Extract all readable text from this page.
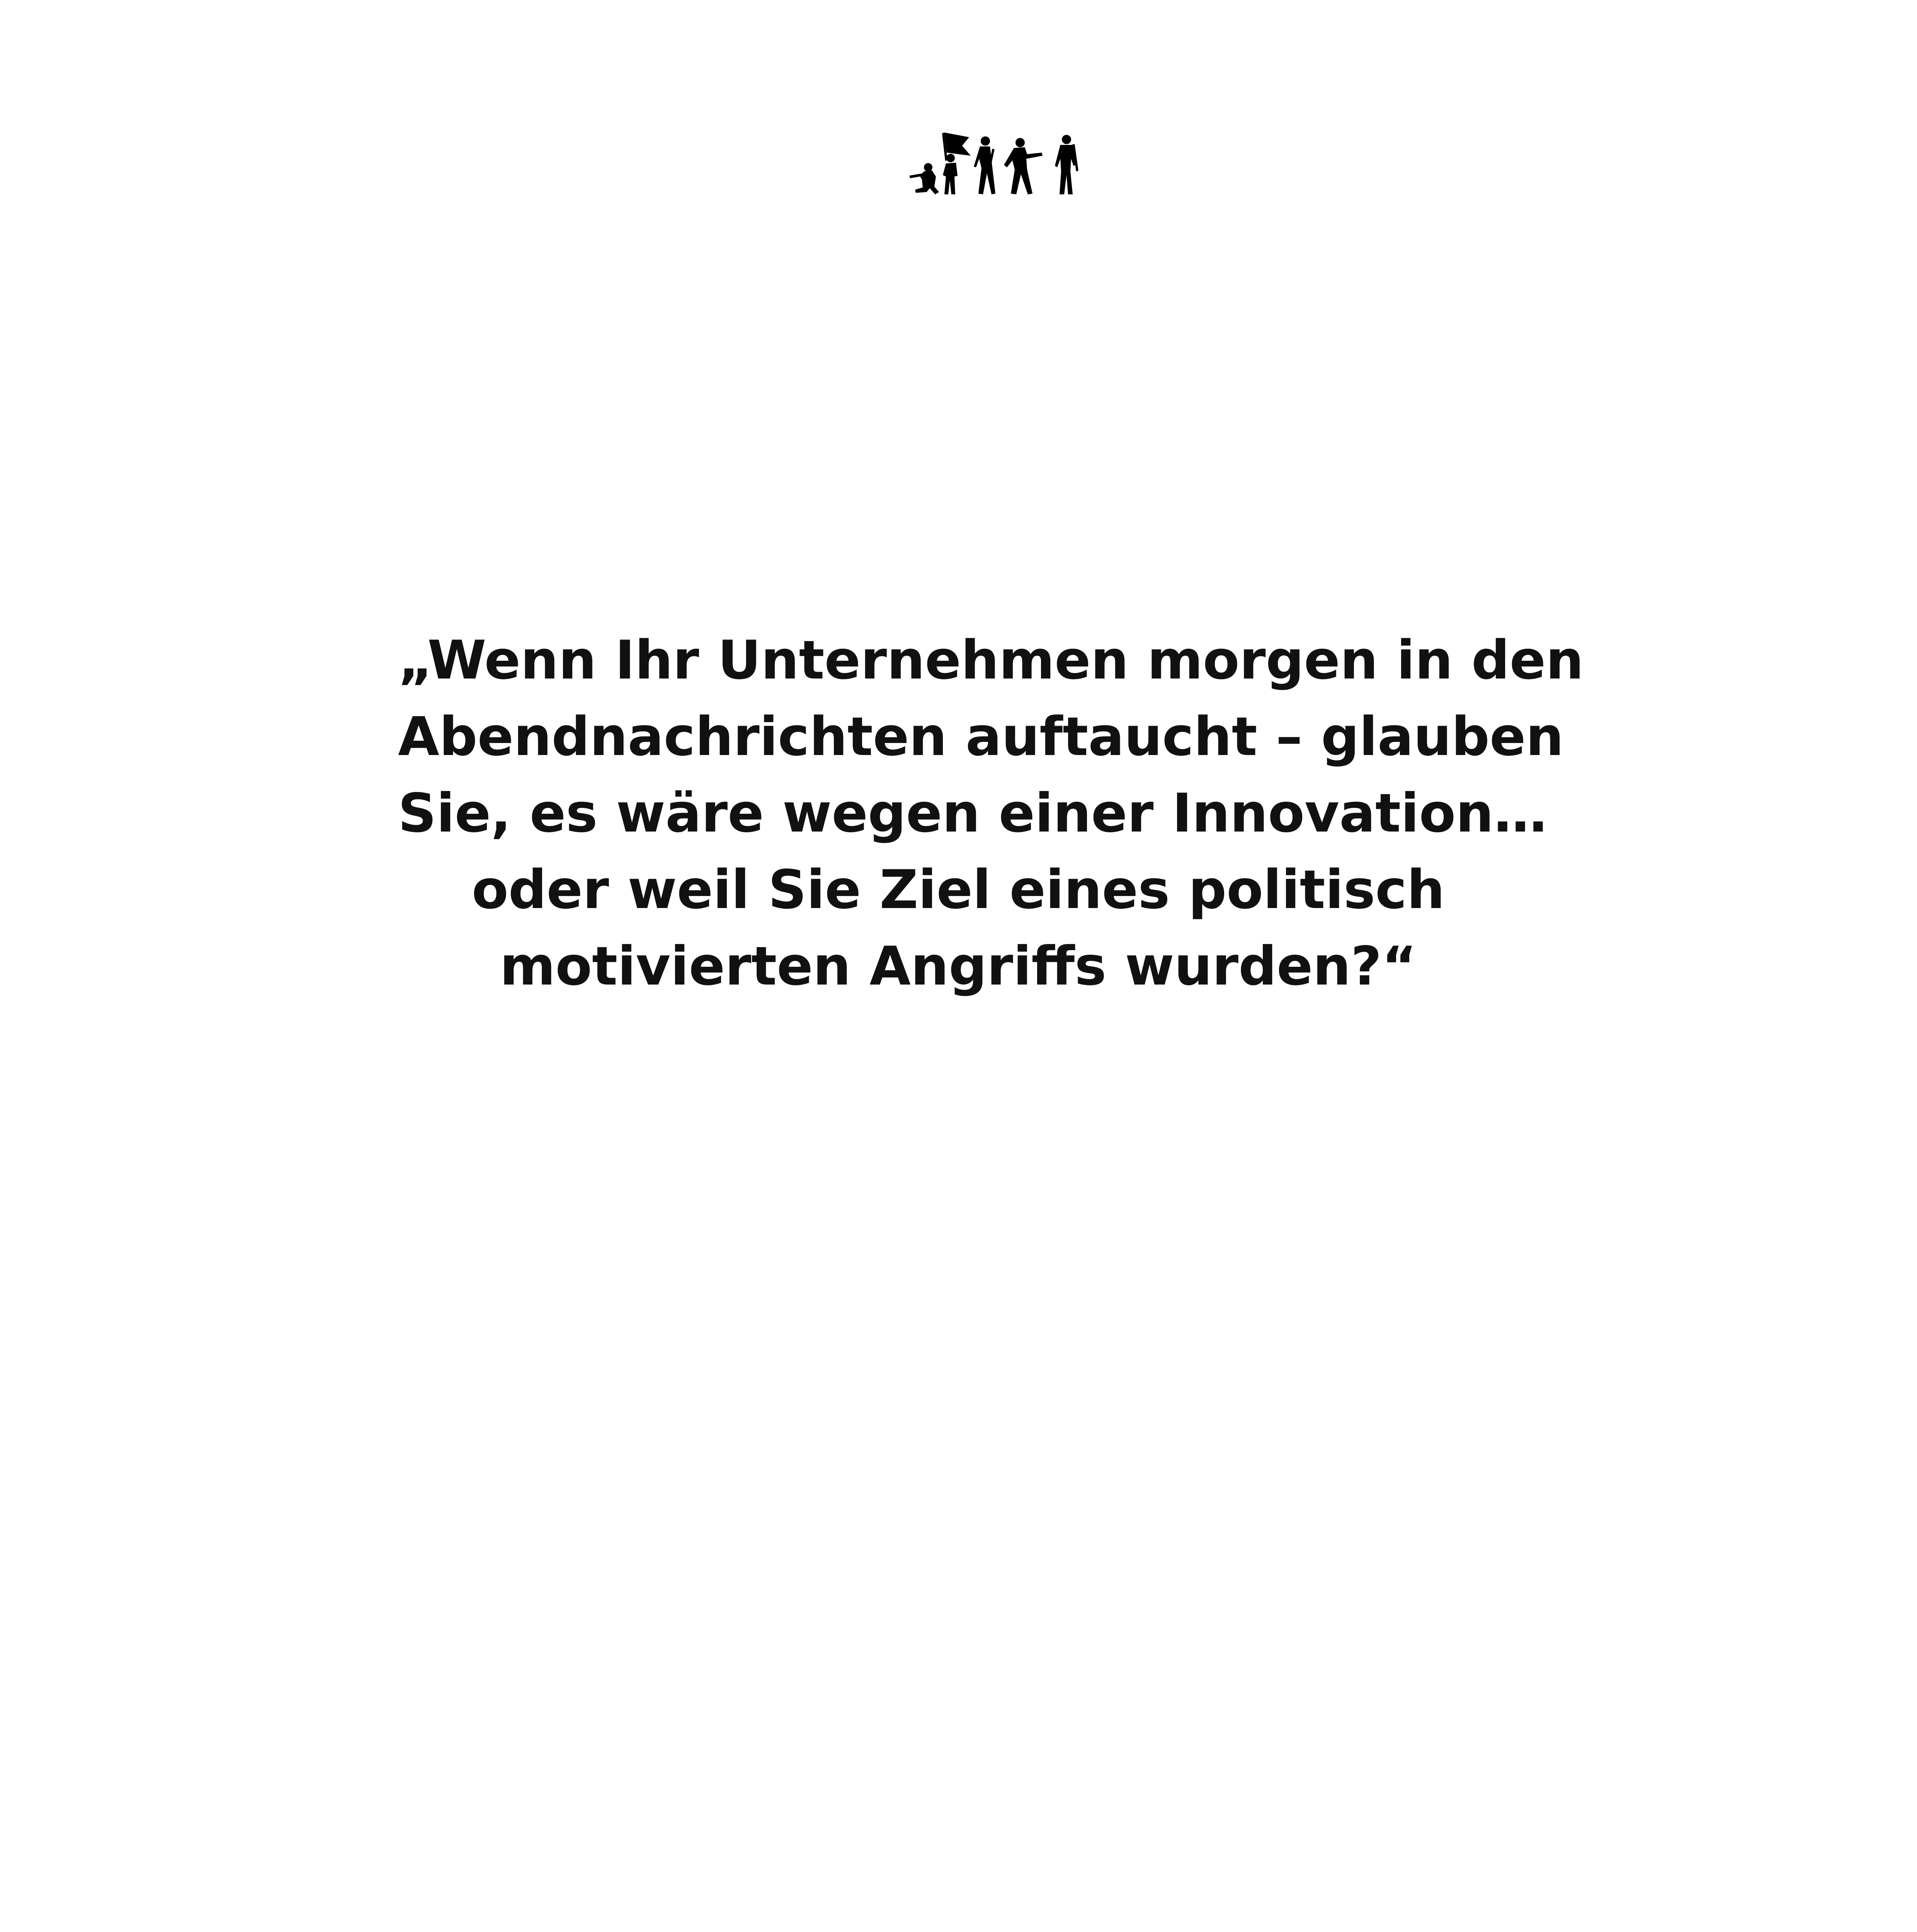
„Wenn Ihr Unternehmen morgen in den
Abendnachrichten auftaucht – glauben
Sie, es wäre wegen einer Innovation…
oder weil Sie Ziel eines politisch
motivierten Angriffs wurden?“
